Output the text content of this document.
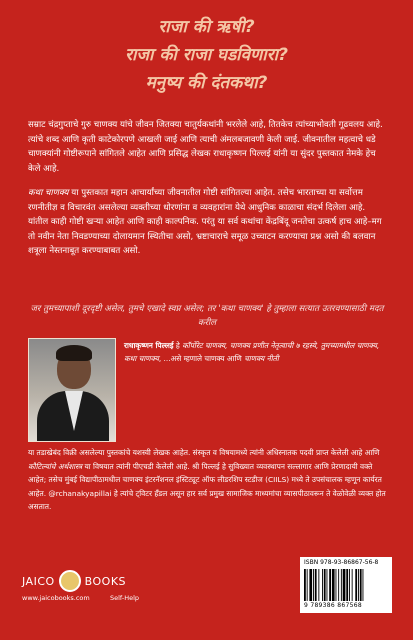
राजा की ऋषी?
राजा की राजा घडविणारा?
मनुष्य की दंतकथा?
सम्राट चंद्रगुप्ताचे गुरु चाणक्य यांचे जीवन जितक्या चातुर्यकथांनी भरलेले आहे, तितकेच त्यांच्याभोवती गूढवलय आहे. त्यांचे शब्द आणि कृती काटेकोरपणे आखली जाई आणि त्याची अंमलबजावणी केली जाई. जीवनातील महत्वाचे धडे चाणक्यांनी गोष्टीरूपाने सांगितले आहेत आणि प्रसिद्ध लेखक राधाकृष्णन पिल्लई यांनी या सुंदर पुस्तकात नेमके हेच केले आहे.
कथा चाणक्य या पुस्तकात महान आचार्यांच्या जीवनातील गोष्टी सांगितल्या आहेत. तसेच भारताच्या या सर्वोत्तम रणनीतीज्ञ व विचारवंत असलेल्या व्यक्तीच्या धोरणांना व व्यवहारांना येथे आधुनिक काळाचा संदर्भ दिलेला आहे. यांतील काही गोष्टी खऱ्या आहेत आणि काही काल्पनिक. परंतु या सर्व कथांचा केंद्रबिंदू जनतेचा उत्कर्ष हाच आहे–मग तो नवीन नेता निवडण्याच्या दोलायमान स्थितीचा असो, भ्रष्टाचाराचे समूळ उच्चाटन करण्याचा प्रश्न असो की बलवान शत्रूला नेस्तनाबूत करण्याबाबत असो.
जर तुमच्यापाशी दूरदृष्टी असेल, तुमचे एखादे स्वप्न असेल; तर 'कथा चाणक्य' हे तुम्हाला सत्यात उतरवण्यासाठी मदत करील
राधाकृष्णन पिल्लई हे कॉर्पोरेट चाणक्य, चाणक्य प्रणीत नेतृत्वाची ७ रहस्ये, तुमच्यामधील चाणक्य, कथा चाणक्य, ...असे म्हणाले चाणक्य आणि चाणक्य नीती
या तडाखेबंद विक्री असलेल्या पुस्तकांचे यशस्वी लेखक आहेत. संस्कृत व विषयामध्ये त्यांनी अधिस्नातक पदवी प्राप्त केलेली आहे आणि कौटिल्यांचे अर्थशास्त्र या विषयात त्यांनी पीएचडी केलेली आहे. श्री पिल्लई हे सुविख्यात व्यवस्थापन सल्लागार आणि प्रेरणादायी वक्ते आहेत; तसेच मुंबई विद्यापीठामधील चाणक्य इंटरनॅशनल इंस्टिट्यूट ऑफ लीडरशिप स्टडीज (CIILS) मध्ये ते उपसंचालक म्हणून कार्यरत आहेत. @rchanakyapillai हे त्यांचे ट्विटर हँडल असून हार सर्व प्रमुख सामाजिक माध्यमांचा व्यासपीठावरून ते वेळोवेळी व्यक्त होत असतात.
JAICO	BOOKS
www.jaicobooks.com	Self-Help
ISBN 978-93-86867-56-8
9 789386 867568
J-2628M
